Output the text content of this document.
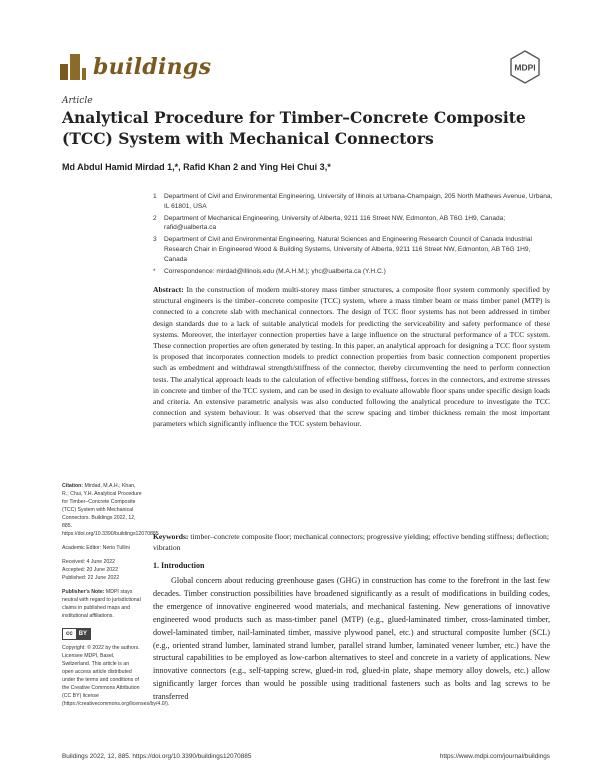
buildings	MDPI
Article
Analytical Procedure for Timber–Concrete Composite (TCC) System with Mechanical Connectors
Md Abdul Hamid Mirdad 1,*, Rafid Khan 2 and Ying Hei Chui 3,*
1	Department of Civil and Environmental Engineering, University of Illinois at Urbana-Champaign, 205 North Mathews Avenue, Urbana, IL 61801, USA
2	Department of Mechanical Engineering, University of Alberta, 9211 116 Street NW, Edmonton, AB T6G 1H9, Canada; rafid@ualberta.ca
3	Department of Civil and Environmental Engineering, Natural Sciences and Engineering Research Council of Canada Industrial Research Chair in Engineered Wood & Building Systems, University of Alberta, 9211 116 Street NW, Edmonton, AB T6G 1H9, Canada
*	Correspondence: mirdad@illinois.edu (M.A.H.M.); yhc@ualberta.ca (Y.H.C.)
Abstract: In the construction of modern multi-storey mass timber structures, a composite floor system commonly specified by structural engineers is the timber–concrete composite (TCC) system, where a mass timber beam or mass timber panel (MTP) is connected to a concrete slab with mechanical connectors. The design of TCC floor systems has not been addressed in timber design standards due to a lack of suitable analytical models for predicting the serviceability and safety performance of these systems. Moreover, the interlayer connection properties have a large influence on the structural performance of a TCC system. These connection properties are often generated by testing. In this paper, an analytical approach for designing a TCC floor system is proposed that incorporates connection models to predict connection properties from basic connection component properties such as embedment and withdrawal strength/stiffness of the connector, thereby circumventing the need to perform connection tests. The analytical approach leads to the calculation of effective bending stiffness, forces in the connectors, and extreme stresses in concrete and timber of the TCC system, and can be used in design to evaluate allowable floor spans under specific design loads and criteria. An extensive parametric analysis was also conducted following the analytical procedure to investigate the TCC connection and system behaviour. It was observed that the screw spacing and timber thickness remain the most important parameters which significantly influence the TCC system behaviour.
Keywords: timber–concrete composite floor; mechanical connectors; progressive yielding; effective bending stiffness; deflection; vibration

Citation: Mirdad, M.A.H.; Khan, R.; Chui, Y.H. Analytical Procedure for Timber–Concrete Composite (TCC) System with Mechanical Connectors. Buildings 2022, 12, 885. https://doi.org/10.3390/buildings12070885

Academic Editor: Nerio Tullini

Received: 4 June 2022

Accepted: 20 June 2022

Published: 22 June 2022

Publisher's Note: MDPI stays neutral with regard to jurisdictional claims in published maps and institutional affiliations.

cc	BY

Copyright: © 2022 by the authors. Licensee MDPI, Basel, Switzerland. This article is an open access article distributed under the terms and conditions of the Creative Commons Attribution (CC BY) license (https://creativecommons.org/licenses/by/4.0/).

1. Introduction
Global concern about reducing greenhouse gases (GHG) in construction has come to the forefront in the last few decades. Timber construction possibilities have broadened significantly as a result of modifications in building codes, the emergence of innovative engineered wood materials, and mechanical fastening. New generations of innovative engineered wood products such as mass-timber panel (MTP) (e.g., glued-laminated timber, cross-laminated timber, dowel-laminated timber, nail-laminated timber, massive plywood panel, etc.) and structural composite lumber (SCL) (e.g., oriented strand lumber, laminated strand lumber, parallel strand lumber, laminated veneer lumber, etc.) have the structural capabilities to be employed as low-carbon alternatives to steel and concrete in a variety of applications. New innovative connectors (e.g., self-tapping screw, glued-in rod, glued-in plate, shape memory alloy dowels, etc.) allow significantly larger forces than would be possible using traditional fasteners such as bolts and lag screws to be transferred
Buildings 2022, 12, 885. https://doi.org/10.3390/buildings12070885	https://www.mdpi.com/journal/buildings
